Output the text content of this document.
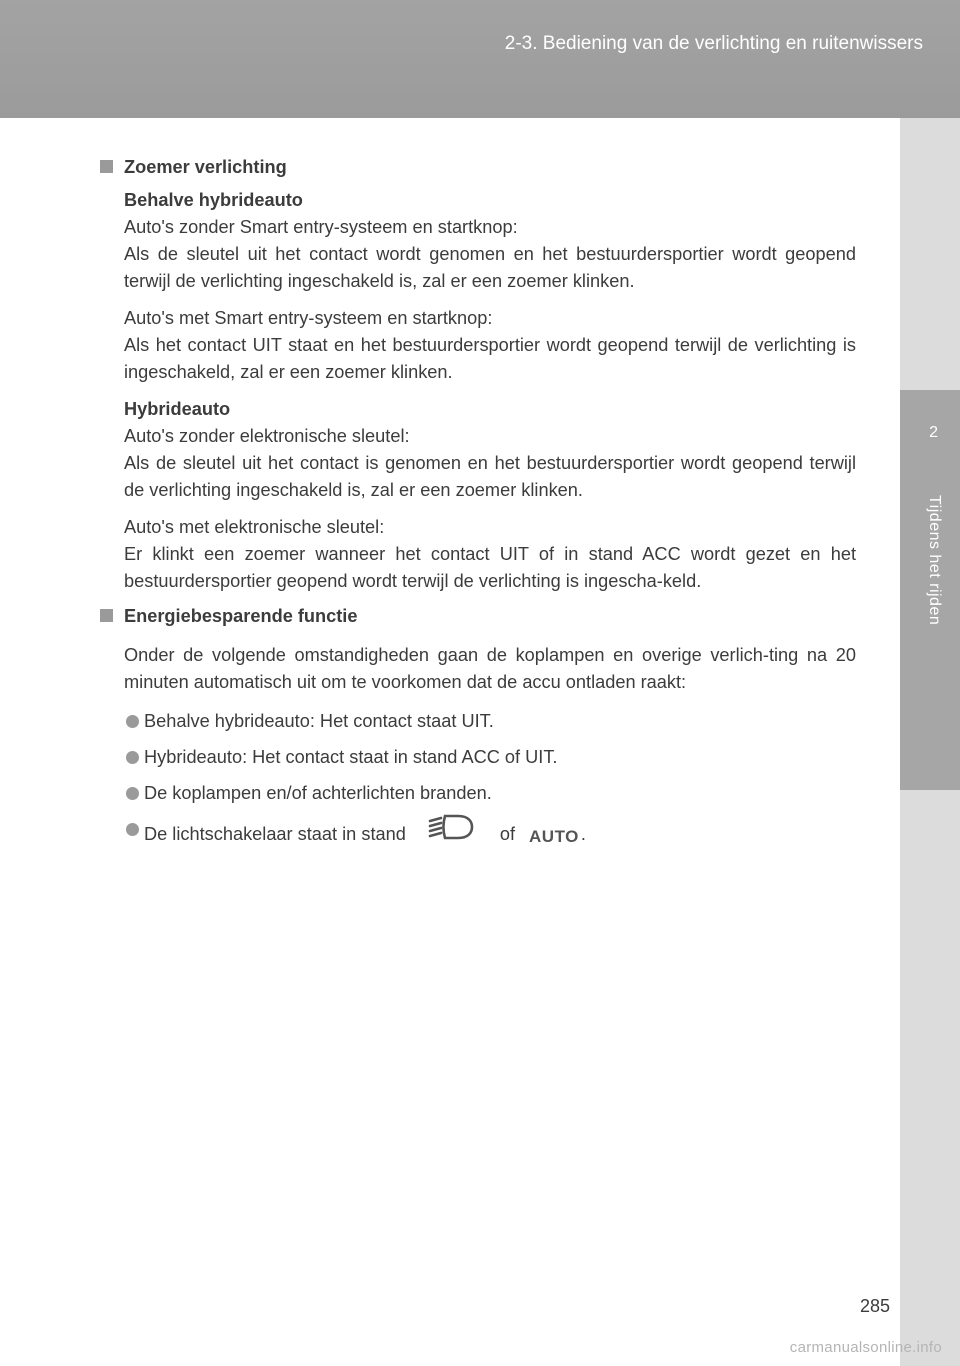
2-3. Bediening van de verlichting en ruitenwissers
2
Tijdens het rijden
Zoemer verlichting
Behalve hybrideauto
Auto's zonder Smart entry-systeem en startknop:
Als de sleutel uit het contact wordt genomen en het bestuurdersportier wordt geopend terwijl de verlichting ingeschakeld is, zal er een zoemer klinken.
Auto's met Smart entry-systeem en startknop:
Als het contact UIT staat en het bestuurdersportier wordt geopend terwijl de verlichting is ingeschakeld, zal er een zoemer klinken.
Hybrideauto
Auto's zonder elektronische sleutel:
Als de sleutel uit het contact is genomen en het bestuurdersportier wordt geopend terwijl de verlichting ingeschakeld is, zal er een zoemer klinken.
Auto's met elektronische sleutel:
Er klinkt een zoemer wanneer het contact UIT of in stand ACC wordt gezet en het bestuurdersportier geopend wordt terwijl de verlichting is ingescha-keld.
Energiebesparende functie
Onder de volgende omstandigheden gaan de koplampen en overige verlich-ting na 20 minuten automatisch uit om te voorkomen dat de accu ontladen raakt:
Behalve hybrideauto: Het contact staat UIT.
Hybrideauto: Het contact staat in stand ACC of UIT.
De koplampen en/of achterlichten branden.
De lichtschakelaar staat in stand	of AUTO .
285
carmanualsonline.info
